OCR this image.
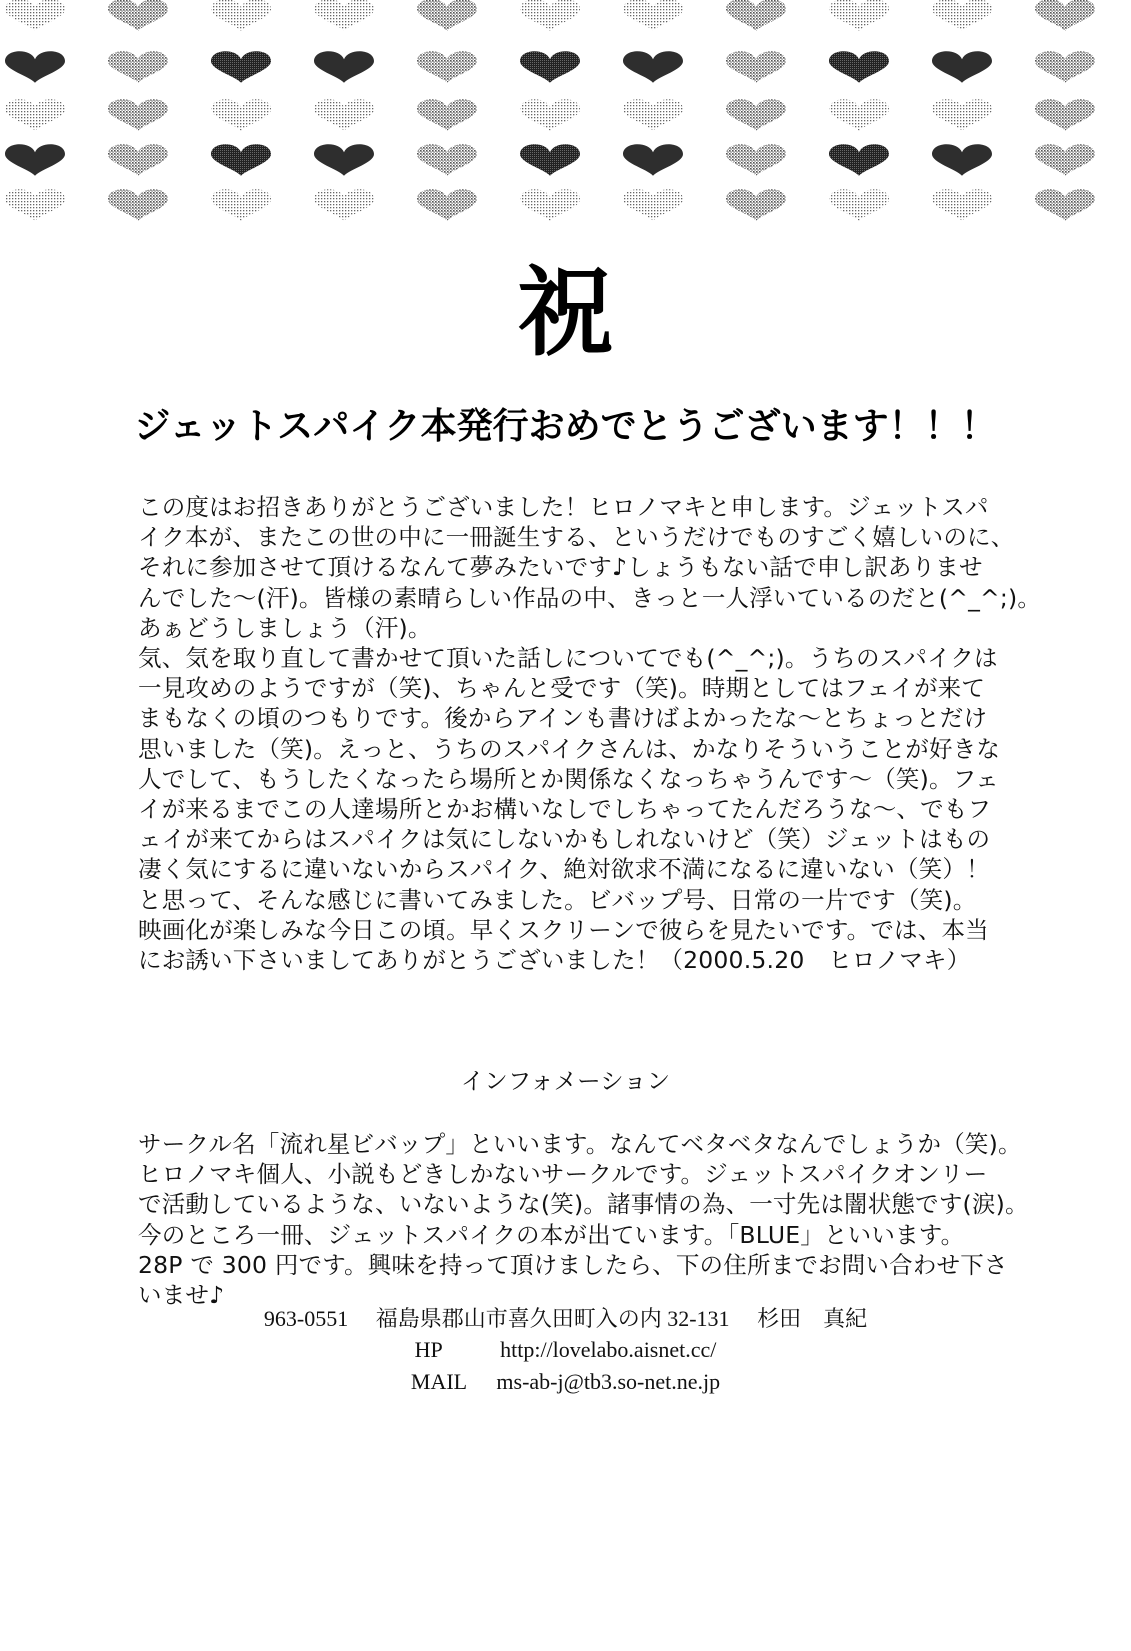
祝
ジェットスパイク本発行おめでとうございます！！！
この度はお招きありがとうございました！ヒロノマキと申します。ジェットスパ
イク本が、またこの世の中に一冊誕生する、というだけでものすごく嬉しいのに、
それに参加させて頂けるなんて夢みたいです♪しょうもない話で申し訳ありませ
んでした～(汗)。皆様の素晴らしい作品の中、きっと一人浮いているのだと(^_^;)。
あぁどうしましょう（汗)。
気、気を取り直して書かせて頂いた話しについてでも(^_^;)。うちのスパイクは
一見攻めのようですが（笑)、ちゃんと受です（笑)。時期としてはフェイが来て
まもなくの頃のつもりです。後からアインも書けばよかったな～とちょっとだけ
思いました（笑)。えっと、うちのスパイクさんは、かなりそういうことが好きな
人でして、もうしたくなったら場所とか関係なくなっちゃうんです～（笑)。フェ
イが来るまでこの人達場所とかお構いなしでしちゃってたんだろうな～、でもフ
ェイが来てからはスパイクは気にしないかもしれないけど（笑）ジェットはもの
凄く気にするに違いないからスパイク、絶対欲求不満になるに違いない（笑）！
と思って、そんな感じに書いてみました。ビバップ号、日常の一片です（笑)。
映画化が楽しみな今日この頃。早くスクリーンで彼らを見たいです。では、本当
にお誘い下さいましてありがとうございました！（2000.5.20　ヒロノマキ）
インフォメーション
サークル名「流れ星ビバップ」といいます。なんてベタベタなんでしょうか（笑)。
ヒロノマキ個人、小説もどきしかないサークルです。ジェットスパイクオンリー
で活動しているような、いないような(笑)。諸事情の為、一寸先は闇状態です(涙)。
今のところ一冊、ジェットスパイクの本が出ています。「BLUE」といいます。
28P で 300 円です。興味を持って頂けましたら、下の住所までお問い合わせ下さ
いませ♪
963-0551 福島県郡山市喜久田町入の内 32-131 杉田　真紀
HP	http://lovelabo.aisnet.cc/
MAIL ms-ab-j@tb3.so-net.ne.jp
